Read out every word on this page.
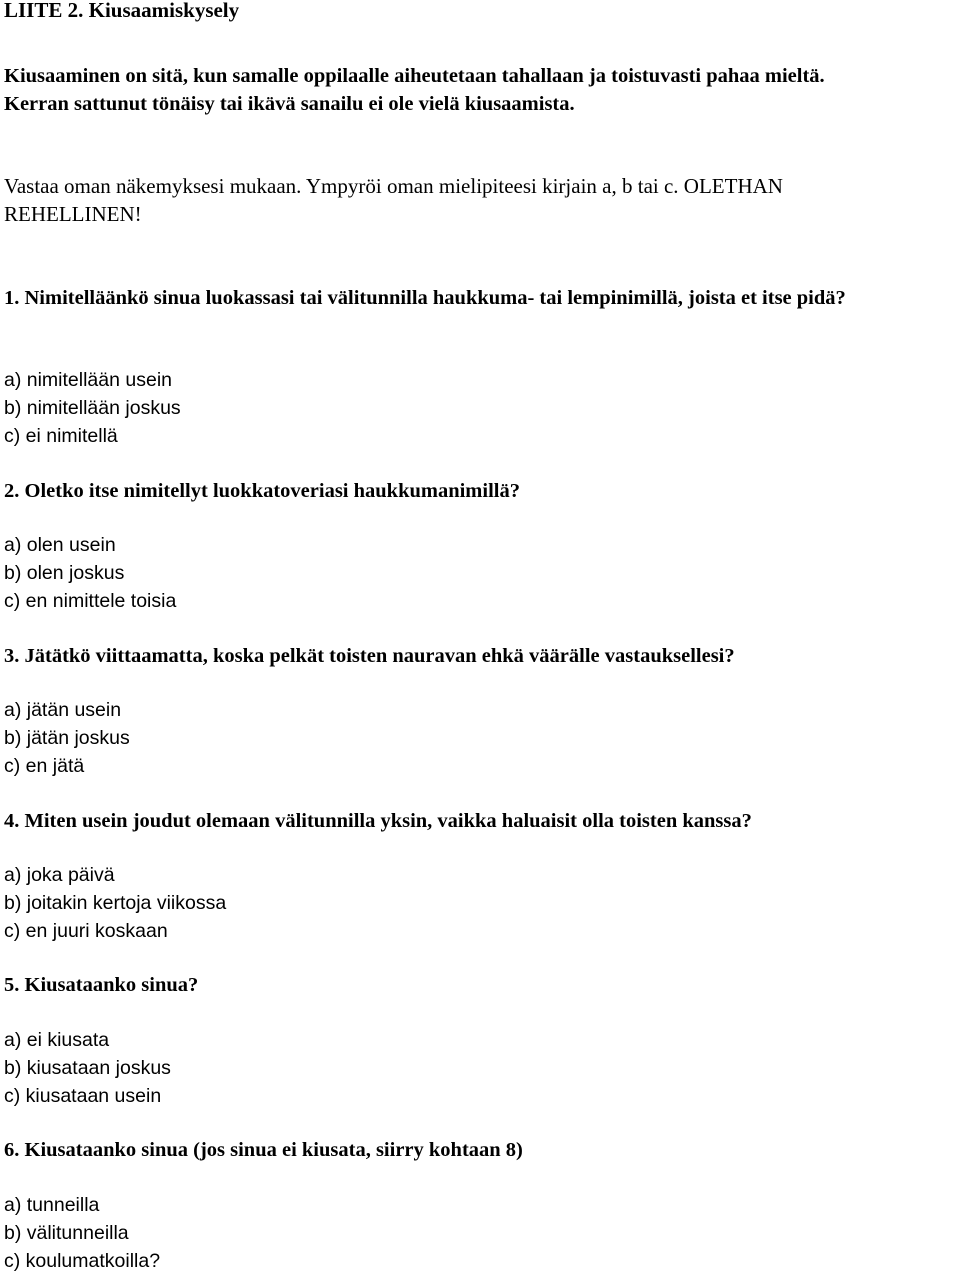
LIITE 2. Kiusaamiskysely
Kiusaaminen on sitä, kun samalle oppilaalle aiheutetaan tahallaan ja toistuvasti pahaa mieltä.
Kerran sattunut tönäisy tai ikävä sanailu ei ole vielä kiusaamista.
Vastaa oman näkemyksesi mukaan. Ympyröi oman mielipiteesi kirjain a, b tai c. OLETHAN REHELLINEN!
1. Nimitelläänkö sinua luokassasi tai välitunnilla haukkuma- tai lempinimillä, joista et itse pidä?
a) nimitellään usein
b) nimitellään joskus
c) ei nimitellä
2. Oletko itse nimitellyt luokkatoveriasi haukkumanimillä?
a) olen usein
b) olen joskus
c) en nimittele toisia
3. Jätätkö viittaamatta, koska pelkät toisten nauravan ehkä väärälle vastauksellesi?
a) jätän usein
b) jätän joskus
c) en jätä
4. Miten usein joudut olemaan välitunnilla yksin, vaikka haluaisit olla toisten kanssa?
a) joka päivä
b) joitakin kertoja viikossa
c) en juuri koskaan
5. Kiusataanko sinua?
a) ei kiusata
b) kiusataan joskus
c) kiusataan usein
6. Kiusataanko sinua (jos sinua ei kiusata, siirry kohtaan 8)
a) tunneilla
b) välitunneilla
c) koulumatkoilla?
